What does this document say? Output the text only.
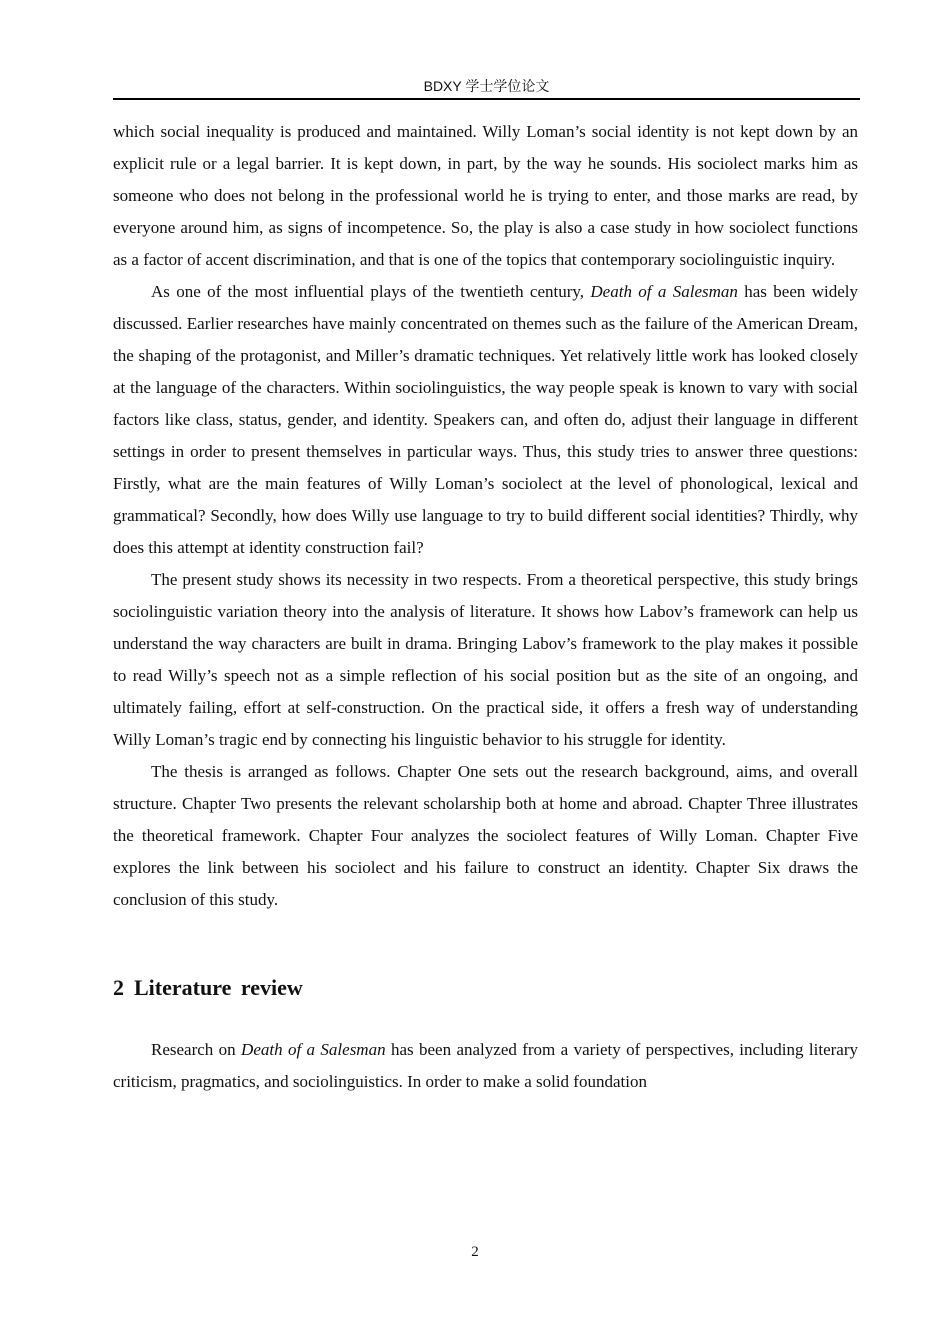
BDXY 学士学位论文

which social inequality is produced and maintained. Willy Loman’s social identity is not kept down by an explicit rule or a legal barrier. It is kept down, in part, by the way he sounds. His sociolect marks him as someone who does not belong in the professional world he is trying to enter, and those marks are read, by everyone around him, as signs of incompetence. So, the play is also a case study in how sociolect functions as a factor of accent discrimination, and that is one of the topics that contemporary sociolinguistic inquiry.

As one of the most influential plays of the twentieth century, Death of a Salesman has been widely discussed. Earlier researches have mainly concentrated on themes such as the failure of the American Dream, the shaping of the protagonist, and Miller’s dramatic techniques. Yet relatively little work has looked closely at the language of the characters. Within sociolinguistics, the way people speak is known to vary with social factors like class, status, gender, and identity. Speakers can, and often do, adjust their language in different settings in order to present themselves in particular ways. Thus, this study tries to answer three questions: Firstly, what are the main features of Willy Loman’s sociolect at the level of phonological, lexical and grammatical? Secondly, how does Willy use language to try to build different social identities? Thirdly, why does this attempt at identity construction fail?

The present study shows its necessity in two respects. From a theoretical perspective, this study brings sociolinguistic variation theory into the analysis of literature. It shows how Labov’s framework can help us understand the way characters are built in drama. Bringing Labov’s framework to the play makes it possible to read Willy’s speech not as a simple reflection of his social position but as the site of an ongoing, and ultimately failing, effort at self-construction. On the practical side, it offers a fresh way of understanding Willy Loman’s tragic end by connecting his linguistic behavior to his struggle for identity.

The thesis is arranged as follows. Chapter One sets out the research background, aims, and overall structure. Chapter Two presents the relevant scholarship both at home and abroad. Chapter Three illustrates the theoretical framework. Chapter Four analyzes the sociolect features of Willy Loman. Chapter Five explores the link between his sociolect and his failure to construct an identity. Chapter Six draws the conclusion of this study.

2 Literature review

Research on Death of a Salesman has been analyzed from a variety of perspectives, including literary criticism, pragmatics, and sociolinguistics. In order to make a solid foundation

2
